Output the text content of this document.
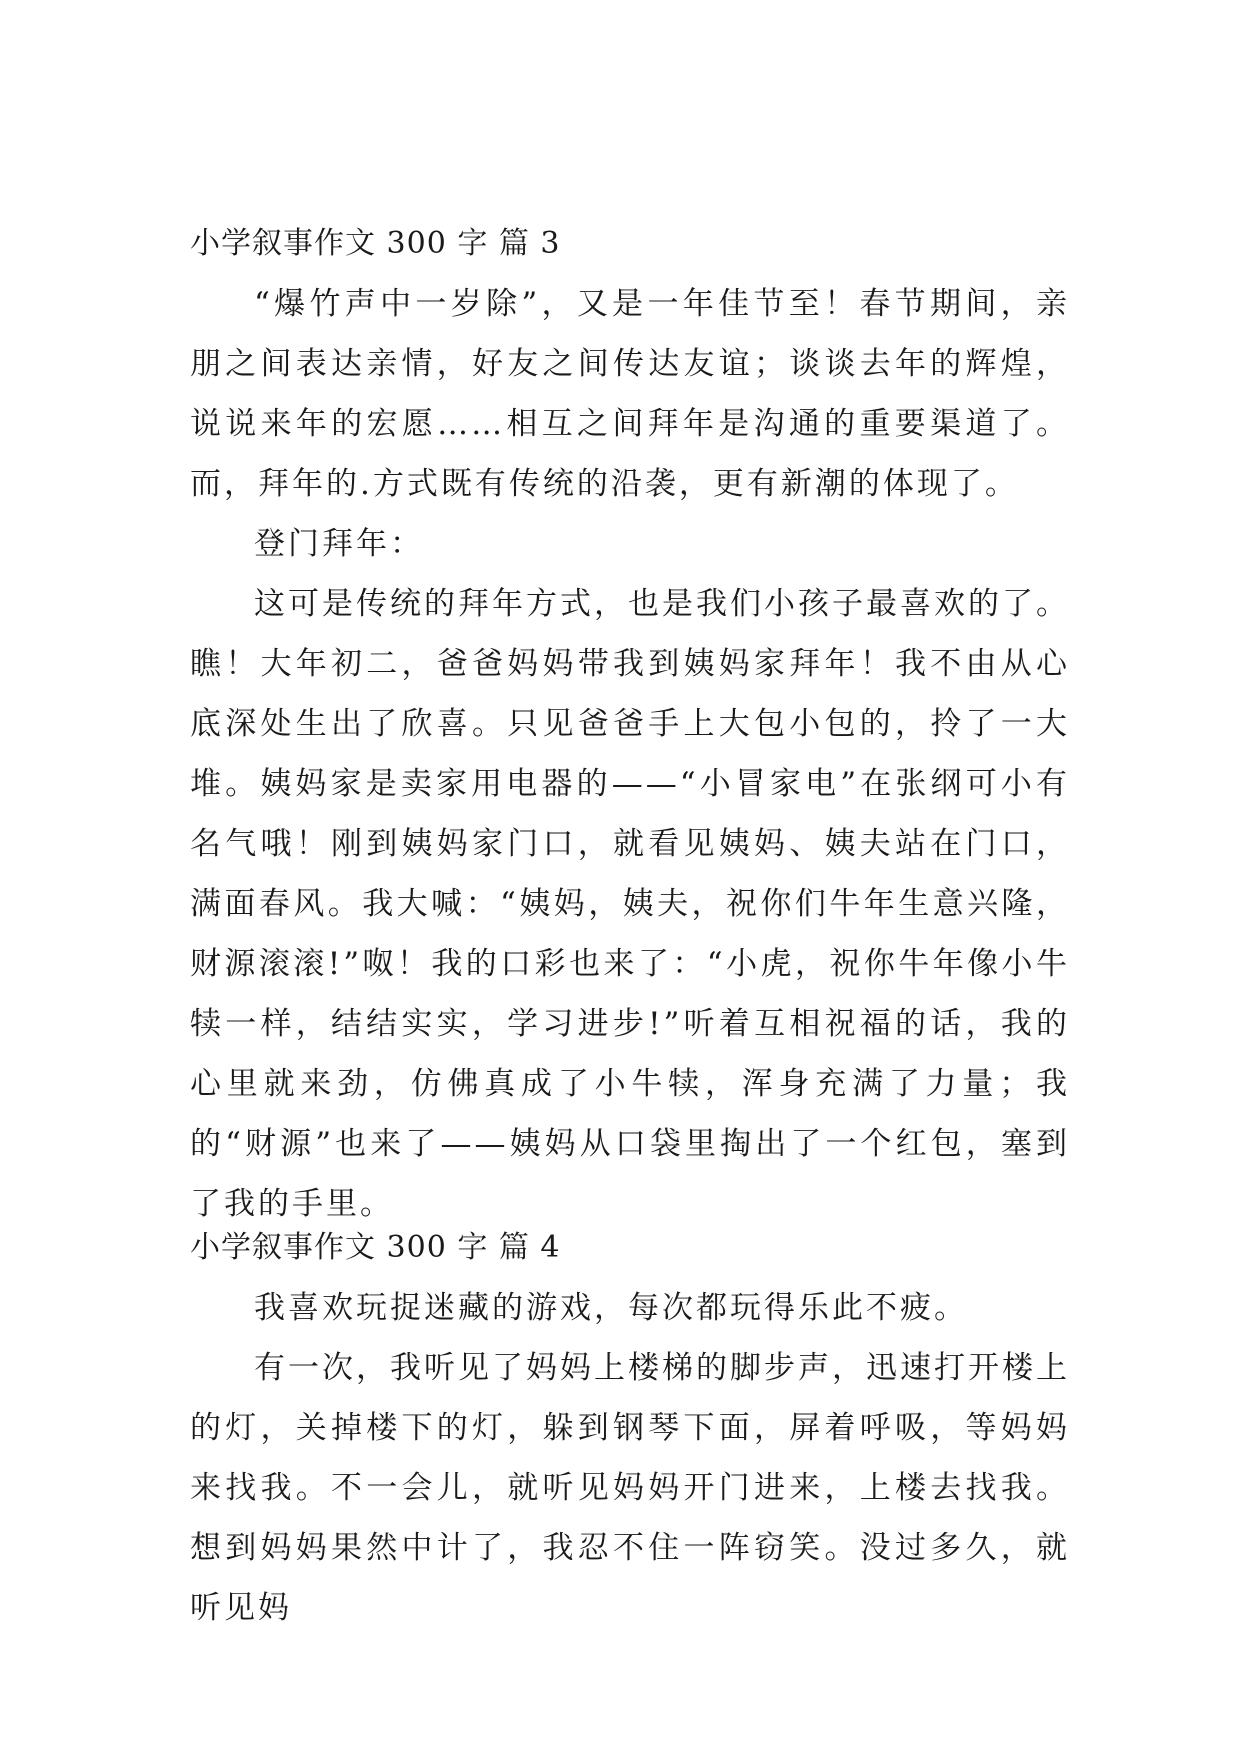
小学叙事作文 300 字 篇 3

“爆竹声中一岁除”，又是一年佳节至！春节期间，亲朋之间表达亲情，好友之间传达友谊；谈谈去年的辉煌，说说来年的宏愿……相互之间拜年是沟通的重要渠道了。而，拜年的.方式既有传统的沿袭，更有新潮的体现了。

登门拜年：

这可是传统的拜年方式，也是我们小孩子最喜欢的了。瞧！大年初二，爸爸妈妈带我到姨妈家拜年！我不由从心底深处生出了欣喜。只见爸爸手上大包小包的，拎了一大堆。姨妈家是卖家用电器的——“小冒家电”在张纲可小有名气哦！刚到姨妈家门口，就看见姨妈、姨夫站在门口，满面春风。我大喊：“姨妈，姨夫，祝你们牛年生意兴隆，财源滚滚!”呶！我的口彩也来了：“小虎，祝你牛年像小牛犊一样，结结实实，学习进步!”听着互相祝福的话，我的心里就来劲，仿佛真成了小牛犊，浑身充满了力量；我的“财源”也来了——姨妈从口袋里掏出了一个红包，塞到了我的手里。

小学叙事作文 300 字 篇 4

我喜欢玩捉迷藏的游戏，每次都玩得乐此不疲。

有一次，我听见了妈妈上楼梯的脚步声，迅速打开楼上的灯，关掉楼下的灯，躲到钢琴下面，屏着呼吸，等妈妈来找我。不一会儿，就听见妈妈开门进来，上楼去找我。想到妈妈果然中计了，我忍不住一阵窃笑。没过多久，就听见妈
